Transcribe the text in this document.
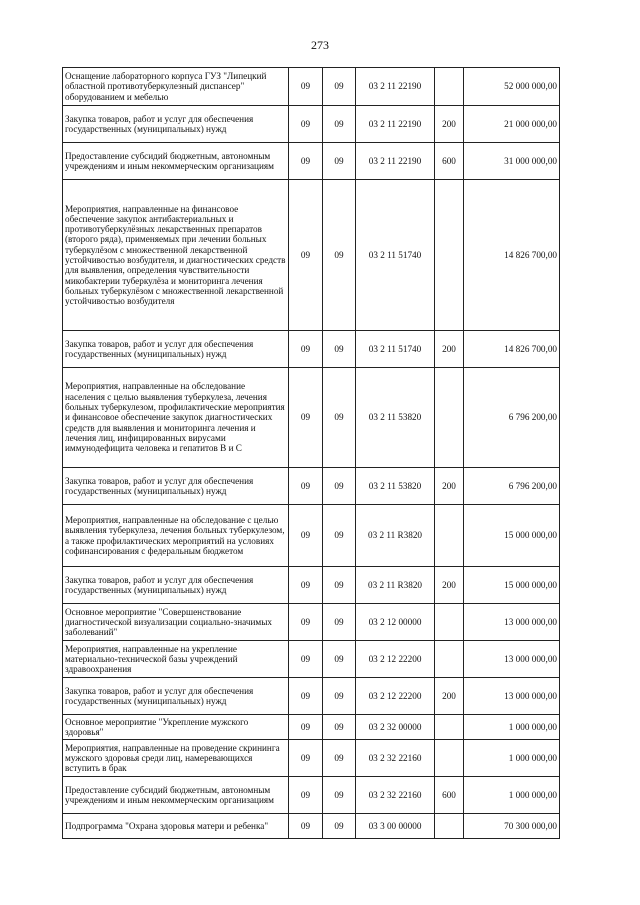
273
Оснащение лабораторного корпуса ГУЗ "Липецкий областной противотуберкулезный диспансер" оборудованием и мебелью	09	09	03 2 11 22190		52 000 000,00
Закупка товаров, работ и услуг для обеспечения государственных (муниципальных) нужд	09	09	03 2 11 22190	200	21 000 000,00
Предоставление субсидий бюджетным, автономным учреждениям и иным некоммерческим организациям	09	09	03 2 11 22190	600	31 000 000,00
Мероприятия, направленные на финансовое обеспечение закупок антибактериальных и противотуберкулёзных лекарственных препаратов (второго ряда), применяемых при лечении больных туберкулёзом с множественной лекарственной устойчивостью возбудителя, и диагностических средств для выявления, определения чувствительности микобактерии туберкулёза и мониторинга лечения больных туберкулёзом с множественной лекарственной устойчивостью возбудителя	09	09	03 2 11 51740		14 826 700,00
Закупка товаров, работ и услуг для обеспечения государственных (муниципальных) нужд	09	09	03 2 11 51740	200	14 826 700,00
Мероприятия, направленные на обследование населения с целью выявления туберкулеза, лечения больных туберкулезом, профилактические мероприятия и финансовое обеспечение закупок диагностических средств для выявления и мониторинга лечения и лечения лиц, инфицированных вирусами иммунодефицита человека и гепатитов B и C	09	09	03 2 11 53820		6 796 200,00
Закупка товаров, работ и услуг для обеспечения государственных (муниципальных) нужд	09	09	03 2 11 53820	200	6 796 200,00
Мероприятия, направленные на обследование с целью выявления туберкулеза, лечения больных туберкулезом, а также профилактических мероприятий на условиях софинансирования с федеральным бюджетом	09	09	03 2 11 R3820		15 000 000,00
Закупка товаров, работ и услуг для обеспечения государственных (муниципальных) нужд	09	09	03 2 11 R3820	200	15 000 000,00
Основное мероприятие "Совершенствование диагностической визуализации социально-значимых заболеваний"	09	09	03 2 12 00000		13 000 000,00
Мероприятия, направленные на укрепление материально-технической базы учреждений здравоохранения	09	09	03 2 12 22200		13 000 000,00
Закупка товаров, работ и услуг для обеспечения государственных (муниципальных) нужд	09	09	03 2 12 22200	200	13 000 000,00
Основное мероприятие "Укрепление мужского здоровья"	09	09	03 2 32 00000		1 000 000,00
Мероприятия, направленные на проведение скрининга мужского здоровья среди лиц, намеревающихся вступить в брак	09	09	03 2 32 22160		1 000 000,00
Предоставление субсидий бюджетным, автономным учреждениям и иным некоммерческим организациям	09	09	03 2 32 22160	600	1 000 000,00
Подпрограмма "Охрана здоровья матери и ребенка"	09	09	03 3 00 00000		70 300 000,00
